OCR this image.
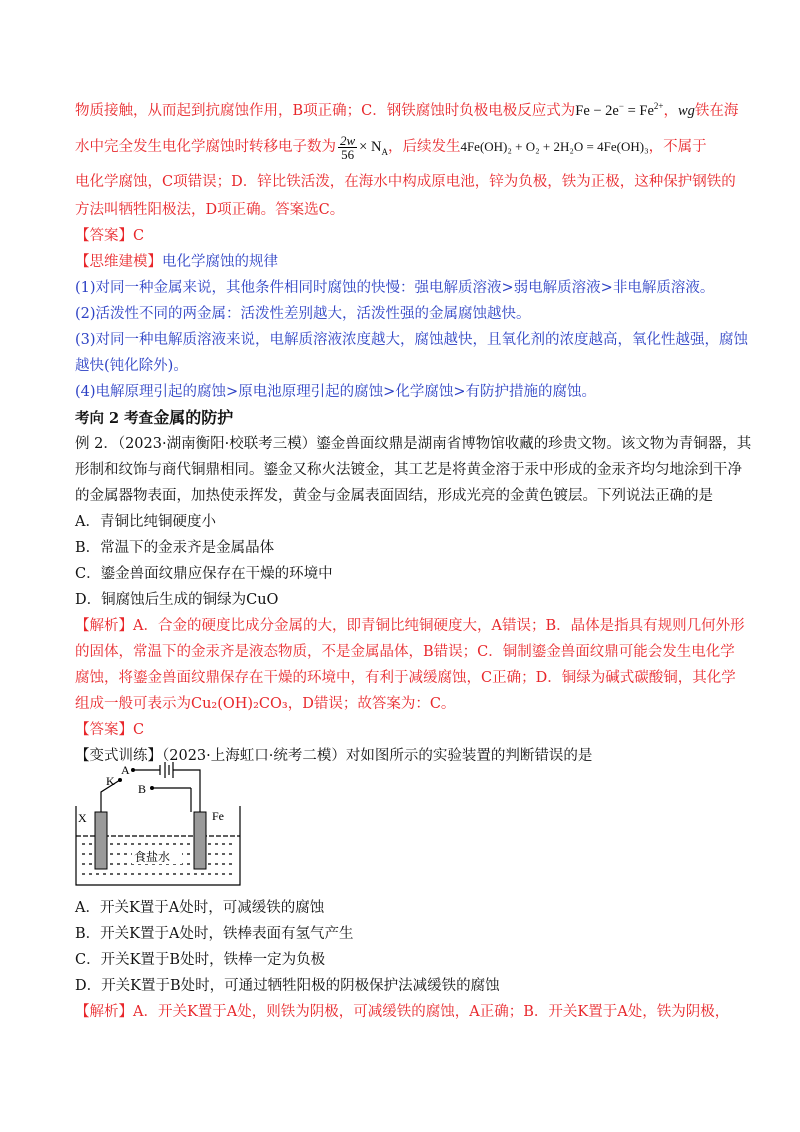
物质接触，从而起到抗腐蚀作用，B项正确；C．钢铁腐蚀时负极电极反应式为$Fe - 2e^- = Fe^{2+}$，wg铁在海
水中完全发生电化学腐蚀时转移电子数为 $\frac{2w}{56} \times N_A$，后续发生4Fe(OH)₂ + O₂ + 2H₂O = 4Fe(OH)₃，不属于
电化学腐蚀，C项错误；D．锌比铁活泼，在海水中构成原电池，锌为负极，铁为正极，这种保护钢铁的
方法叫牺牲阳极法，D项正确。答案选C。
【答案】C
【思维建模】电化学腐蚀的规律
(1)对同一种金属来说，其他条件相同时腐蚀的快慢：强电解质溶液>弱电解质溶液>非电解质溶液。
(2)活泼性不同的两金属：活泼性差别越大，活泼性强的金属腐蚀越快。
(3)对同一种电解质溶液来说，电解质溶液浓度越大，腐蚀越快，且氧化剂的浓度越高，氧化性越强，腐蚀
越快(钝化除外)。
(4)电解原理引起的腐蚀>原电池原理引起的腐蚀>化学腐蚀>有防护措施的腐蚀。
考向 2 考查金属的防护
例 2．（2023·湖南衡阳·校联考三模）鎏金兽面纹鼎是湖南省博物馆收藏的珍贵文物。该文物为青铜器，其
形制和纹饰与商代铜鼎相同。鎏金又称火法镀金，其工艺是将黄金溶于汞中形成的金汞齐均匀地涂到干净
的金属器物表面，加热使汞挥发，黄金与金属表面固结，形成光亮的金黄色镀层。下列说法正确的是
A．青铜比纯铜硬度小
B．常温下的金汞齐是金属晶体
C．鎏金兽面纹鼎应保存在干燥的环境中
D．铜腐蚀后生成的铜绿为CuO
【解析】A．合金的硬度比成分金属的大，即青铜比纯铜硬度大，A错误；B．晶体是指具有规则几何外形
的固体，常温下的金汞齐是液态物质，不是金属晶体，B错误；C．铜制鎏金兽面纹鼎可能会发生电化学
腐蚀，将鎏金兽面纹鼎保存在干燥的环境中，有利于减缓腐蚀，C正确；D．铜绿为碱式碳酸铜，其化学
组成一般可表示为Cu₂(OH)₂CO₃，D错误；故答案为：C。
【答案】C
【变式训练】（2023·上海虹口·统考二模）对如图所示的实验装置的判断错误的是
A
K
B
X	Fe
食盐水
A．开关K置于A处时，可减缓铁的腐蚀
B．开关K置于A处时，铁棒表面有氢气产生
C．开关K置于B处时，铁棒一定为负极
D．开关K置于B处时，可通过牺牲阳极的阴极保护法减缓铁的腐蚀
【解析】A．开关K置于A处，则铁为阴极，可减缓铁的腐蚀，A正确；B．开关K置于A处，铁为阴极，
